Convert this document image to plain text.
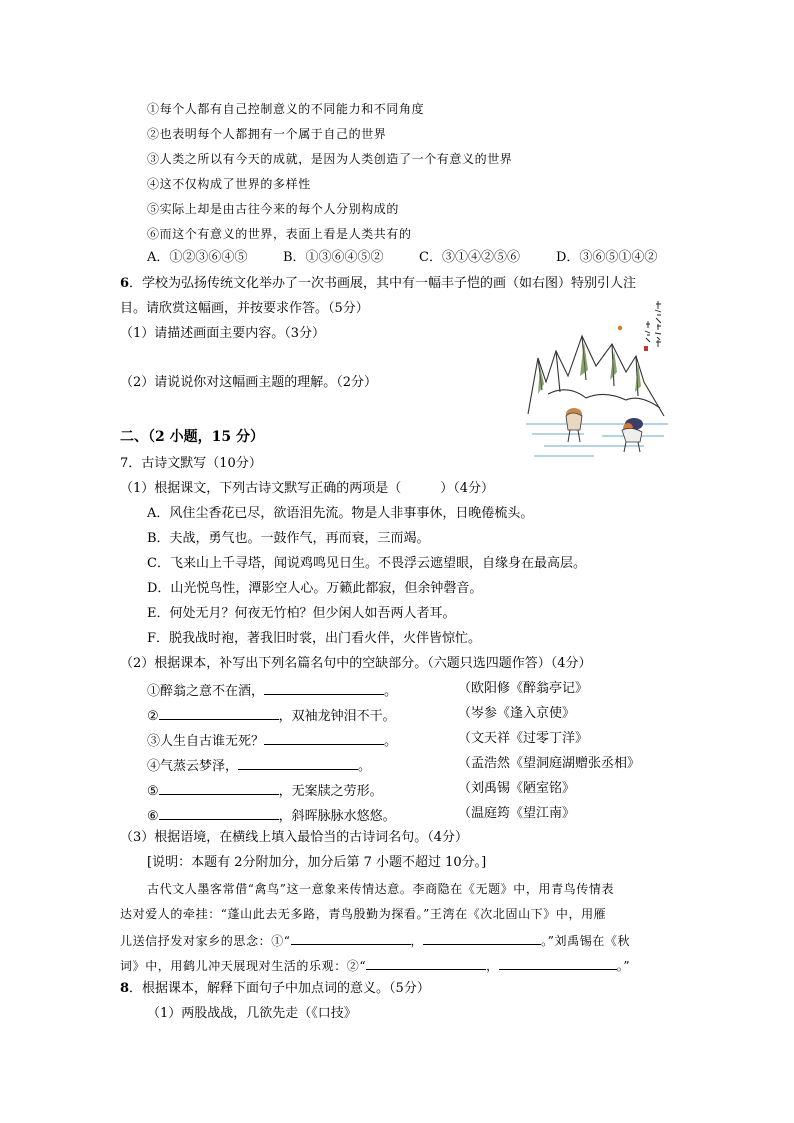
①每个人都有自己控制意义的不同能力和不同角度
②也表明每个人都拥有一个属于自己的世界
③人类之所以有今天的成就，是因为人类创造了一个有意义的世界
④这不仅构成了世界的多样性
⑤实际上却是由古往今来的每个人分别构成的
⑥而这个有意义的世界，表面上看是人类共有的
A．①②③⑥④⑤	B．①③⑥④⑤②	C．③①④②⑤⑥	D．③⑥⑤①④②
6．学校为弘扬传统文化举办了一次书画展，其中有一幅丰子恺的画（如右图）特别引人注
目。请欣赏这幅画，并按要求作答。（5分）
（1）请描述画面主要内容。（3分）
（2）请说说你对这幅画主题的理解。（2分）
二、（2 小题，15 分）
7．古诗文默写（10分）
（1）根据课文，下列古诗文默写正确的两项是（　　　）（4分）
A．风住尘香花已尽，欲语泪先流。物是人非事事休，日晚倦梳头。
B．夫战，勇气也。一鼓作气，再而衰，三而竭。
C．飞来山上千寻塔，闻说鸡鸣见日生。不畏浮云遮望眼，自缘身在最高层。
D．山光悦鸟性，潭影空人心。万籁此都寂，但余钟磬音。
E．何处无月？何夜无竹柏？但少闲人如吾两人者耳。
F．脱我战时袍，著我旧时裳，出门看火伴，火伴皆惊忙。
（2）根据课本，补写出下列名篇名句中的空缺部分。（六题只选四题作答）（4分）
①醉翁之意不在酒，	。	（欧阳修《醉翁亭记》
②	，双袖龙钟泪不干。	（岑参《逢入京使》
③人生自古谁无死？	。	（文天祥《过零丁洋》
④气蒸云梦泽，	。	（孟浩然《望洞庭湖赠张丞相》
⑤	，无案牍之劳形。	（刘禹锡《陋室铭》
⑥	，斜晖脉脉水悠悠。	（温庭筠《望江南》
（3）根据语境，在横线上填入最恰当的古诗词名句。（4分）
[说明：本题有 2分附加分，加分后第 7 小题不超过 10分。]
古代文人墨客常借“禽鸟”这一意象来传情达意。李商隐在《无题》中，用青鸟传情表
达对爱人的牵挂：“蓬山此去无多路，青鸟殷勤为探看。”王湾在《次北固山下》中，用雁
儿送信抒发对家乡的思念：①“	，	。”刘禹锡在《秋
词》中，用鹤儿冲天展现对生活的乐观：②“	，	。”
8．根据课本，解释下面句子中加点词的意义。（5分）
（1）两股战战，几欲先走（《口技》
